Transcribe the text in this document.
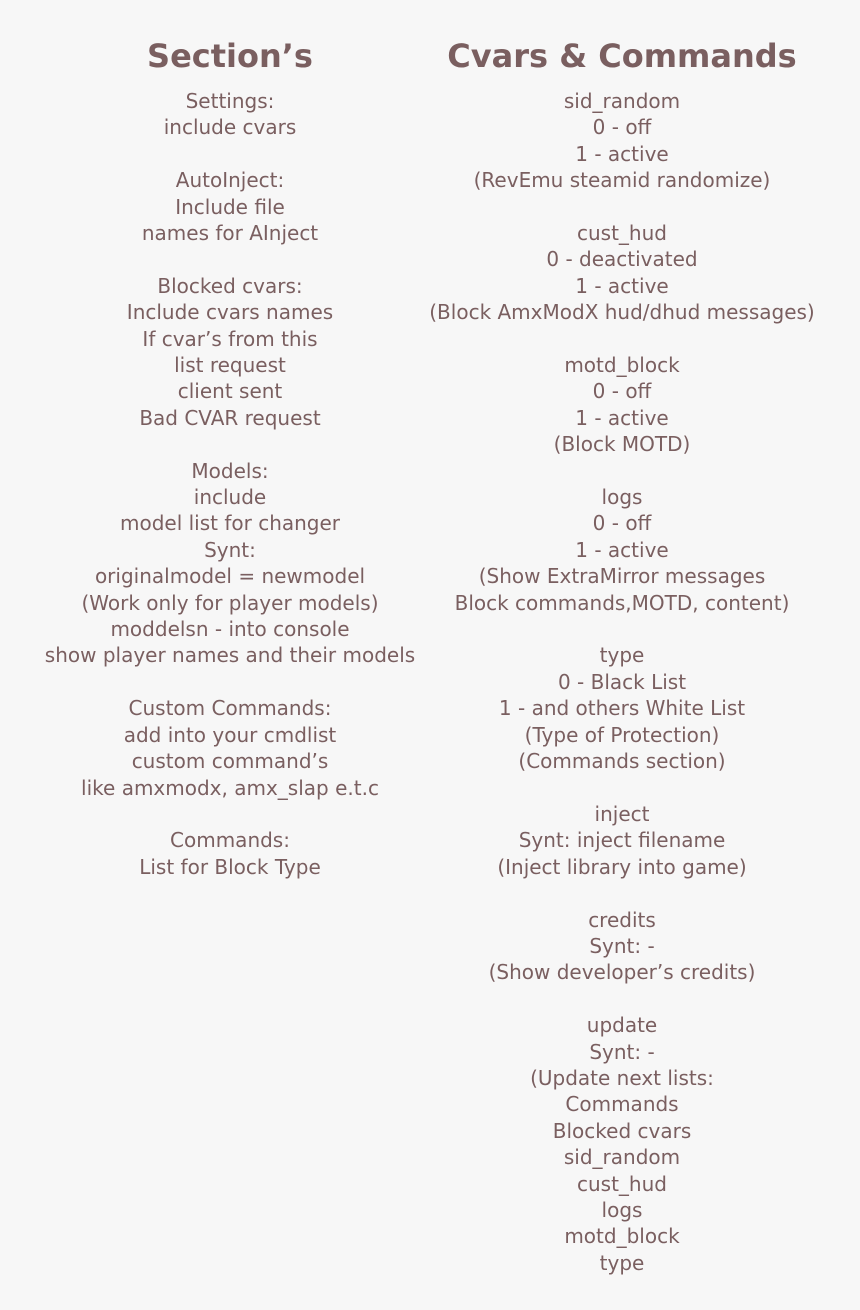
Section’s
Settings:
include cvars
AutoInject:
Include file
names for AInject
Blocked cvars:
Include cvars names
If cvar’s from this
list request
client sent
Bad CVAR request
Models:
include
model list for changer
Synt:
originalmodel = newmodel
(Work only for player models)
moddelsn - into console
show player names and their models
Custom Commands:
add into your cmdlist
custom command’s
like amxmodx, amx_slap e.t.c
Commands:
List for Block Type
Cvars & Commands
sid_random
0 - off
1 - active
(RevEmu steamid randomize)
cust_hud
0 - deactivated
1 - active
(Block AmxModX hud/dhud messages)
motd_block
0 - off
1 - active
(Block MOTD)
logs
0 - off
1 - active
(Show ExtraMirror messages
Block commands,MOTD, content)
type
0 - Black List
1 - and others White List
(Type of Protection)
(Commands section)
inject
Synt: inject filename
(Inject library into game)
credits
Synt: -
(Show developer’s credits)
update
Synt: -
(Update next lists:
Commands
Blocked cvars
sid_random
cust_hud
logs
motd_block
type
